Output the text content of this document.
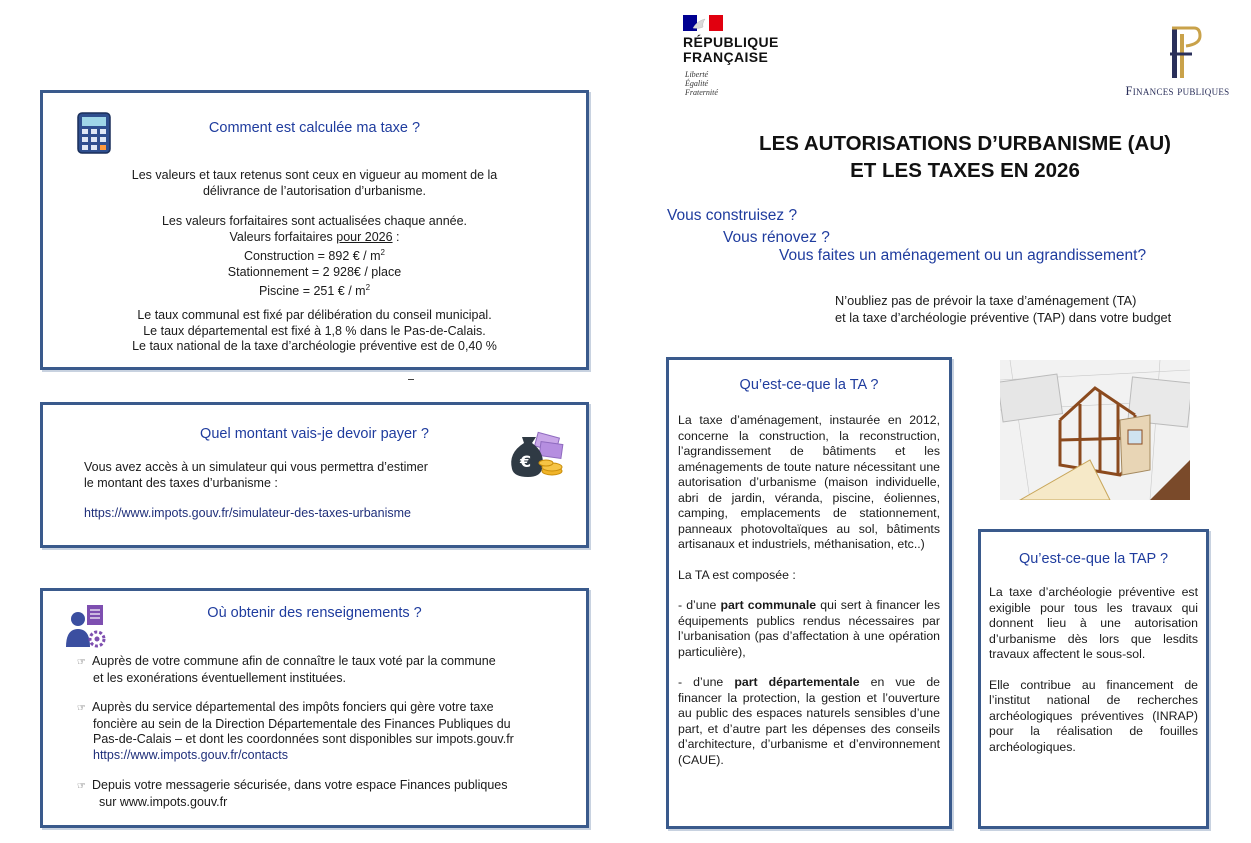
RÉPUBLIQUE
FRANÇAISE
Liberté
Égalité
Fraternité	Finances publiques
LES AUTORISATIONS D’URBANISME (AU)
ET LES TAXES EN 2026
Vous construisez ?
Vous rénovez ?
Vous faites un aménagement ou un agrandissement?
N’oubliez pas de prévoir la taxe d’aménagement (TA)
et la taxe d’archéologie préventive (TAP) dans votre budget
Comment est calculée ma taxe ?
Les valeurs et taux retenus sont ceux en vigueur au moment de la
délivrance de l’autorisation d’urbanisme.
Les valeurs forfaitaires sont actualisées chaque année.
Valeurs forfaitaires pour 2026 :
Construction = 892 € / $m^2$
Stationnement = 2 928€ / place
Piscine = 251 € / $m^2$
Le taux communal est fixé par délibération du conseil municipal.
Le taux départemental est fixé à 1,8 % dans le Pas-de-Calais.
Le taux national de la taxe d’archéologie préventive est de 0,40 %
Quel montant vais-je devoir payer ?
Vous avez accès à un simulateur qui vous permettra d’estimer
le montant des taxes d’urbanisme :
https://www.impots.gouv.fr/simulateur-des-taxes-urbanisme
€
Où obtenir des renseignements ?
☞ Auprès de votre commune afin de connaître le taux voté par la commune
et les exonérations éventuellement instituées.
☞ Auprès du service départemental des impôts fonciers qui gère votre taxe
foncière au sein de la Direction Départementale des Finances Publiques du
Pas-de-Calais – et dont les coordonnées sont disponibles sur impots.gouv.fr
https://www.impots.gouv.fr/contacts
☞ Depuis votre messagerie sécurisée, dans votre espace Finances publiques
sur www.impots.gouv.fr
Qu’est-ce-que la TA ?

La taxe d’aménagement, instaurée en 2012, concerne la construction, la reconstruction, l’agrandissement de bâtiments et les aménagements de toute nature nécessitant une autorisation d’urbanisme (maison individuelle, abri de jardin, véranda, piscine, éoliennes, camping, emplacements de stationnement, panneaux photovoltaïques au sol, bâtiments artisanaux et industriels, méthanisation, etc..)

La TA est composée :

- d’une part communale qui sert à financer les équipements publics rendus nécessaires par l’urbanisation (pas d’affectation à une opération particulière),

- d’une part départementale en vue de financer la protection, la gestion et l’ouverture au public des espaces naturels sensibles d’une part, et d’autre part les dépenses des conseils d’architecture, d’urbanisme et d’environnement (CAUE).

Qu’est-ce-que la TAP ?

La taxe d’archéologie préventive est exigible pour tous les travaux qui donnent lieu à une autorisation d’urbanisme dès lors que lesdits travaux affectent le sous-sol.

Elle contribue au financement de l’institut national de recherches archéologiques préventives (INRAP) pour la réalisation de fouilles archéologiques.
